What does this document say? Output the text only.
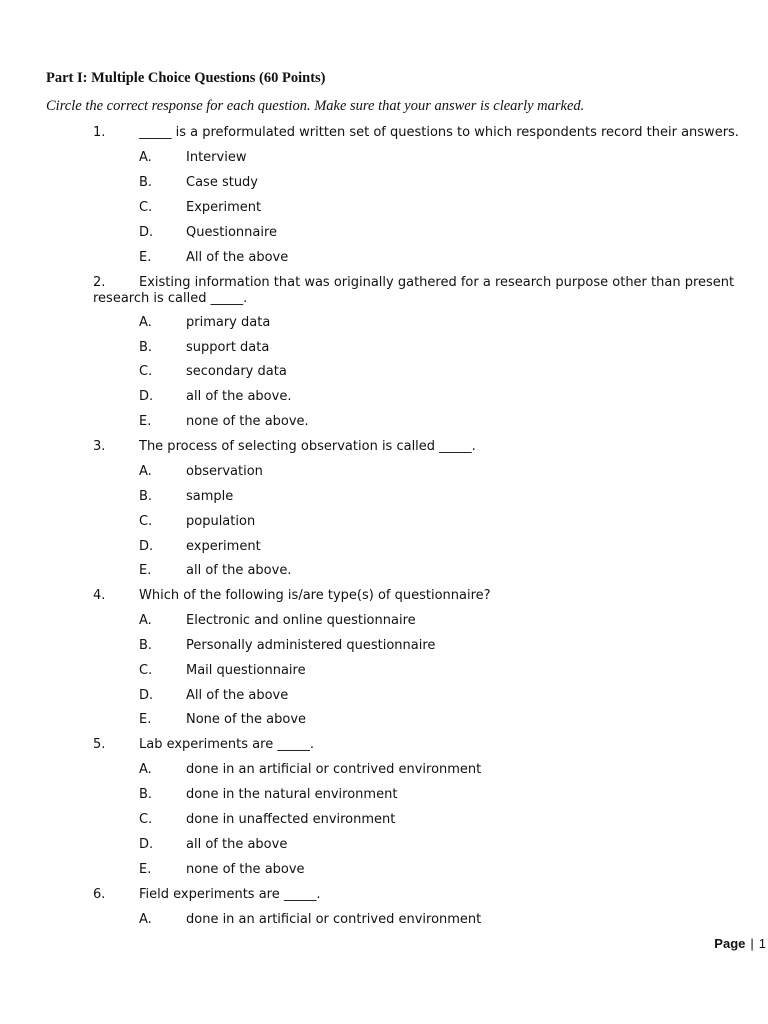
Part I: Multiple Choice Questions (60 Points)
Circle the correct response for each question. Make sure that your answer is clearly marked.
1.	_____ is a preformulated written set of questions to which respondents record their answers.
A.	Interview
B.	Case study
C.	Experiment
D.	Questionnaire
E.	All of the above
2.	Existing information that was originally gathered for a research purpose other than present research is called _____.
A.	primary data
B.	support data
C.	secondary data
D.	all of the above.
E.	none of the above.
3.	The process of selecting observation is called _____.
A.	observation
B.	sample
C.	population
D.	experiment
E.	all of the above.
4.	Which of the following is/are type(s) of questionnaire?
A.	Electronic and online questionnaire
B.	Personally administered questionnaire
C.	Mail questionnaire
D.	All of the above
E.	None of the above
5.	Lab experiments are _____.
A.	done in an artificial or contrived environment
B.	done in the natural environment
C.	done in unaffected environment
D.	all of the above
E.	none of the above
6.	Field experiments are _____.
A.	done in an artificial or contrived environment
Page | 1
